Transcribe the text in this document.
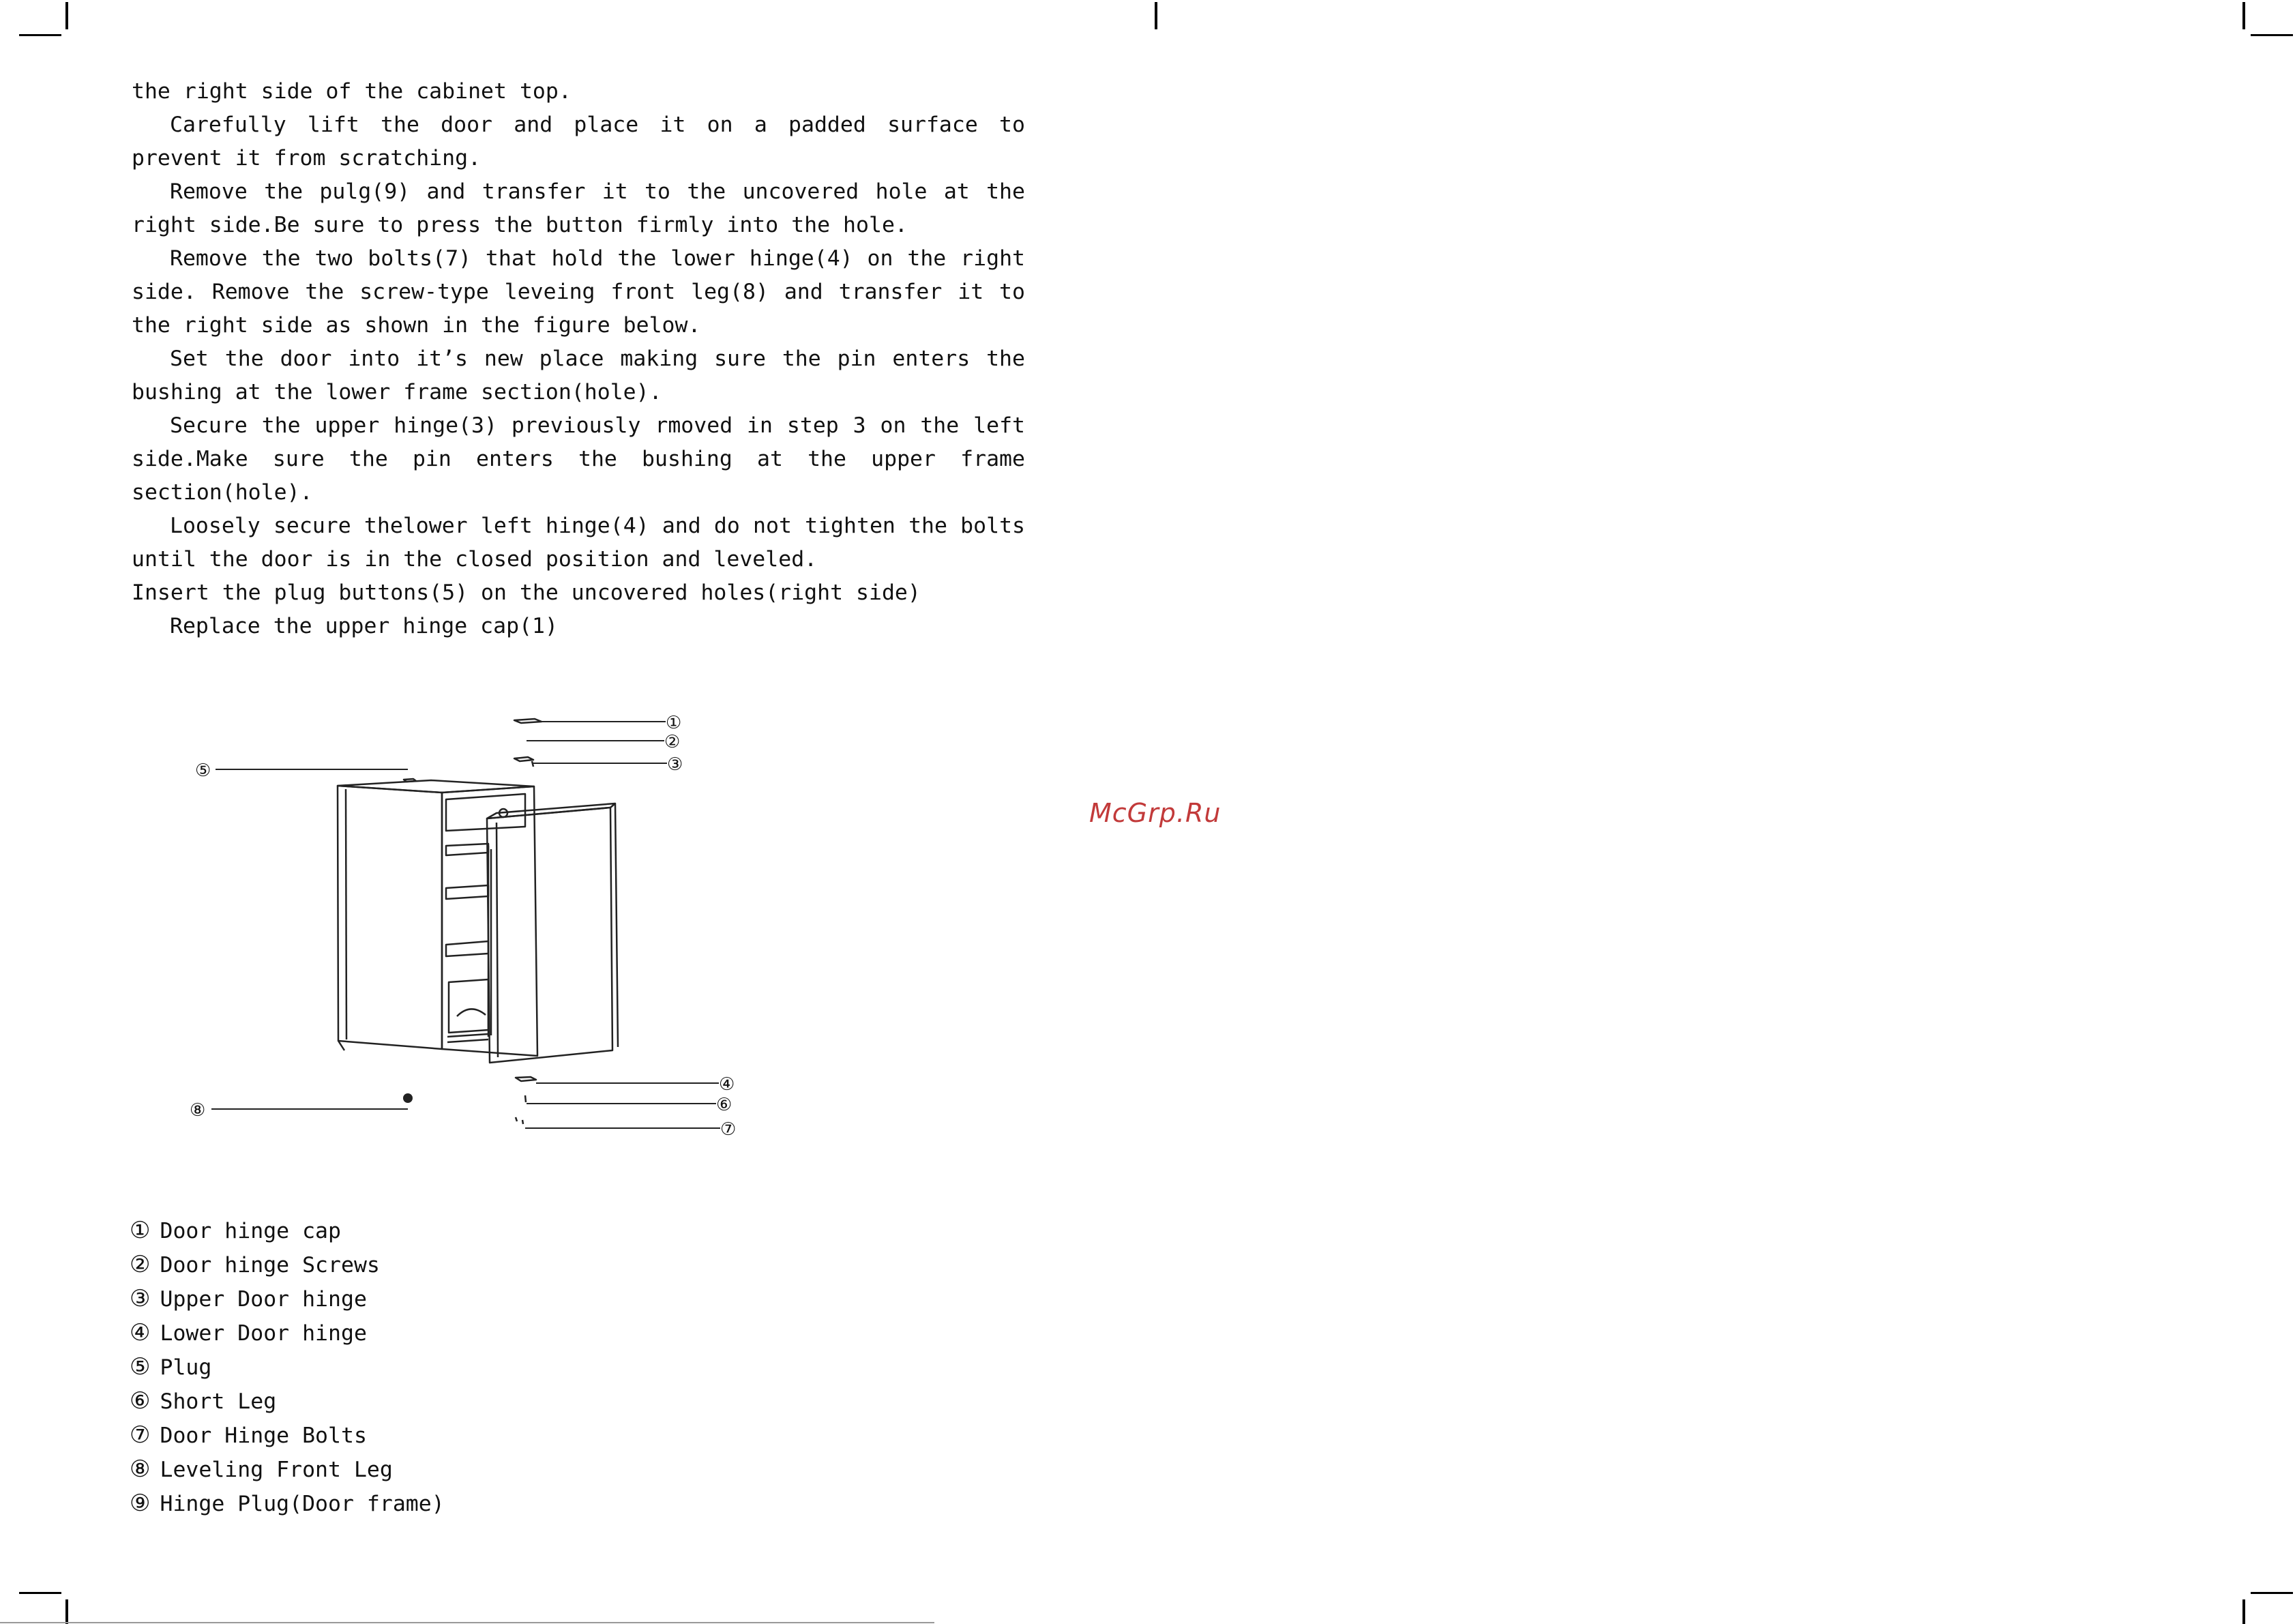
the right side of the cabinet top.

Carefully lift the door and place it on a padded surface to prevent it from scratching.

Remove the pulg(9) and transfer it to the uncovered hole at the right side.Be sure to press the button firmly into the hole.

Remove the two bolts(7) that hold the lower hinge(4) on the right side. Remove the screw-type leveing front leg(8) and transfer it to the right side as shown in the figure below.

Set the door into it’s new place making sure the pin enters the bushing at the lower frame section(hole).

Secure the upper hinge(3) previously rmoved in step 3 on the left side.Make sure the pin enters the bushing at the upper frame section(hole).

Loosely secure thelower left hinge(4) and do not tighten the bolts until the door is in the closed position and leveled.

Insert the plug buttons(5) on the uncovered holes(right side)

Replace the upper hinge cap(1)

①
②
③
④
⑤
⑥
⑦
⑧
① Door hinge cap
② Door hinge Screws
③ Upper Door hinge
④ Lower Door hinge
⑤ Plug
⑥ Short Leg
⑦ Door Hinge Bolts
⑧ Leveling Front Leg
⑨ Hinge Plug(Door frame)
McGrp.Ru
